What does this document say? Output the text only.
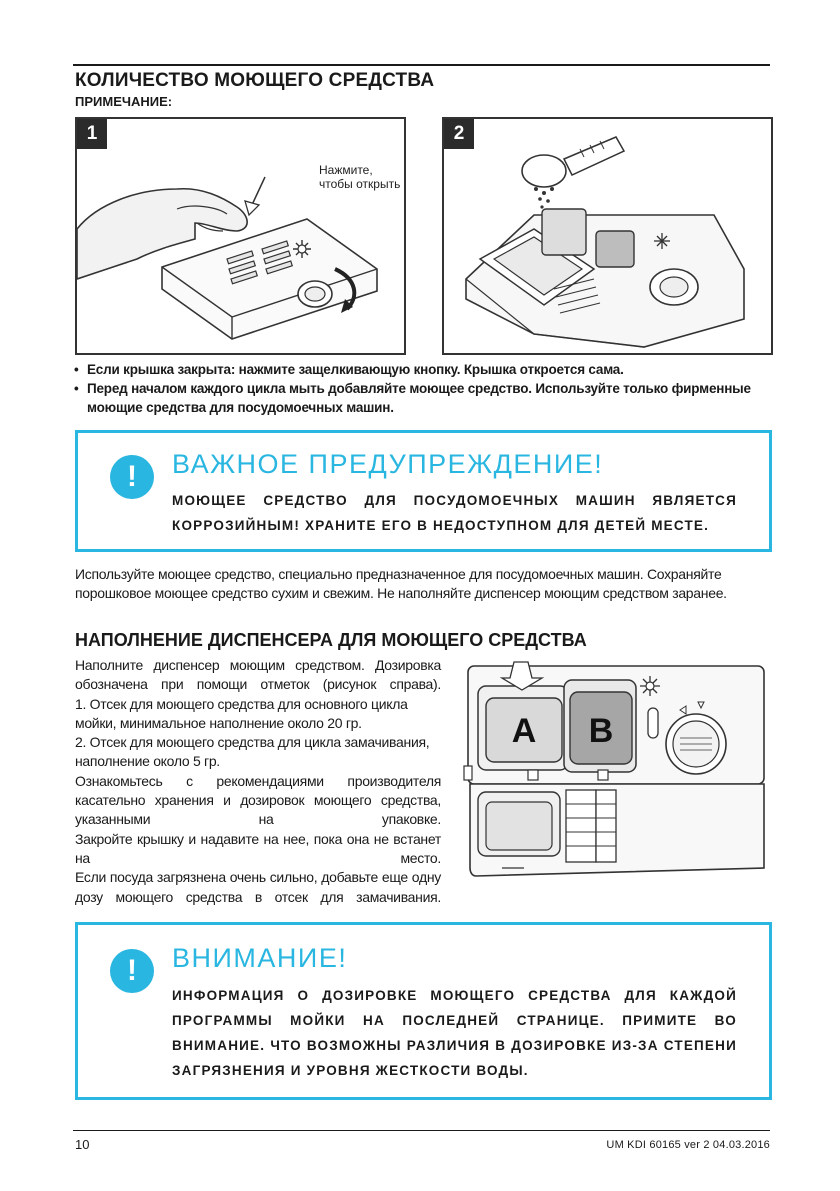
КОЛИЧЕСТВО МОЮЩЕГО СРЕДСТВА
ПРИМЕЧАНИЕ:
1
Нажмите, чтобы открыть
2
• Если крышка закрыта: нажмите защелкивающую кнопку. Крышка откроется сама.
• Перед началом каждого цикла мыть добавляйте моющее средство. Используйте только фирменные моющие средства для посудомоечных машин.
!	ВАЖНОЕ ПРЕДУПРЕЖДЕНИЕ!
МОЮЩЕЕ СРЕДСТВО ДЛЯ ПОСУДОМОЕЧНЫХ МАШИН ЯВЛЯЕТСЯ КОРРОЗИЙНЫМ! ХРАНИТЕ ЕГО В НЕДОСТУПНОМ ДЛЯ ДЕТЕЙ МЕСТЕ.
Используйте моющее средство, специально предназначенное для посудомоечных машин. Сохраняйте порошковое моющее средство сухим и свежим. Не наполняйте диспенсер моющим средством заранее.
НАПОЛНЕНИЕ ДИСПЕНСЕРА ДЛЯ МОЮЩЕГО СРЕДСТВА
Наполните диспенсер моющим средством. Дозировка обозначена при помощи отметок (рисунок справа).
1. Отсек для моющего средства для основного цикла мойки, минимальное наполнение около 20 гр.
2. Отсек для моющего средства для цикла замачивания, наполнение около 5 гр.
Ознакомьтесь с рекомендациями производителя касательно хранения и дозировок моющего средства, указанными на упаковке.
Закройте крышку и надавите на нее, пока она не встанет на место.
Если посуда загрязнена очень сильно, добавьте еще одну дозу моющего средства в отсек для замачивания.
A B
!	ВНИМАНИЕ!
ИНФОРМАЦИЯ О ДОЗИРОВКЕ МОЮЩЕГО СРЕДСТВА ДЛЯ КАЖДОЙ ПРОГРАММЫ МОЙКИ НА ПОСЛЕДНЕЙ СТРАНИЦЕ. ПРИМИТЕ ВО ВНИМАНИЕ. ЧТО ВОЗМОЖНЫ РАЗЛИЧИЯ В ДОЗИРОВКЕ ИЗ-ЗА СТЕПЕНИ ЗАГРЯЗНЕНИЯ И УРОВНЯ ЖЕСТКОСТИ ВОДЫ.
10	UM KDI 60165 ver 2 04.03.2016
